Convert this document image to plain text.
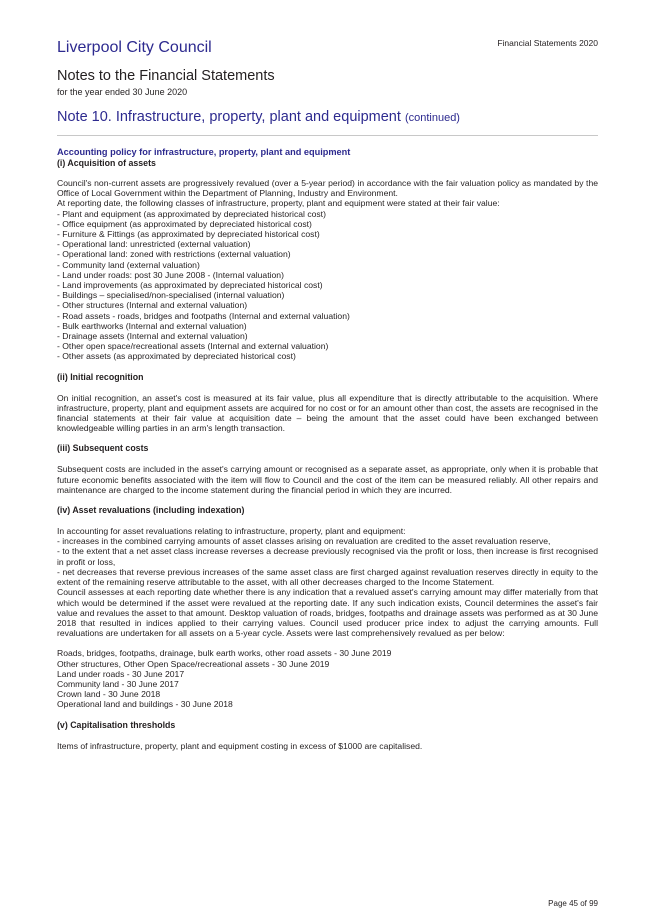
Liverpool City Council	Financial Statements 2020
Notes to the Financial Statements
for the year ended 30 June 2020
Note 10. Infrastructure, property, plant and equipment (continued)

Accounting policy for infrastructure, property, plant and equipment

(i) Acquisition of assets

Council's non-current assets are progressively revalued (over a 5-year period) in accordance with the fair valuation policy as mandated by the Office of Local Government within the Department of Planning, Industry and Environment.

At reporting date, the following classes of infrastructure, property, plant and equipment were stated at their fair value:

- Plant and equipment (as approximated by depreciated historical cost)

- Office equipment (as approximated by depreciated historical cost)

- Furniture & Fittings (as approximated by depreciated historical cost)

- Operational land: unrestricted (external valuation)

- Operational land: zoned with restrictions (external valuation)

- Community land (external valuation)

- Land under roads: post 30 June 2008 - (Internal valuation)

- Land improvements (as approximated by depreciated historical cost)

- Buildings – specialised/non-specialised (internal valuation)

- Other structures (Internal and external valuation)

- Road assets - roads, bridges and footpaths (Internal and external valuation)

- Bulk earthworks (Internal and external valuation)

- Drainage assets (Internal and external valuation)

- Other open space/recreational assets (Internal and external valuation)

- Other assets (as approximated by depreciated historical cost)

(ii) Initial recognition

On initial recognition, an asset's cost is measured at its fair value, plus all expenditure that is directly attributable to the acquisition. Where infrastructure, property, plant and equipment assets are acquired for no cost or for an amount other than cost, the assets are recognised in the financial statements at their fair value at acquisition date – being the amount that the asset could have been exchanged between knowledgeable willing parties in an arm's length transaction.

(iii) Subsequent costs

Subsequent costs are included in the asset's carrying amount or recognised as a separate asset, as appropriate, only when it is probable that future economic benefits associated with the item will flow to Council and the cost of the item can be measured reliably. All other repairs and maintenance are charged to the income statement during the financial period in which they are incurred.

(iv) Asset revaluations (including indexation)

In accounting for asset revaluations relating to infrastructure, property, plant and equipment:

- increases in the combined carrying amounts of asset classes arising on revaluation are credited to the asset revaluation reserve,

- to the extent that a net asset class increase reverses a decrease previously recognised via the profit or loss, then increase is first recognised in profit or loss,

- net decreases that reverse previous increases of the same asset class are first charged against revaluation reserves directly in equity to the extent of the remaining reserve attributable to the asset, with all other decreases charged to the Income Statement.

Council assesses at each reporting date whether there is any indication that a revalued asset's carrying amount may differ materially from that which would be determined if the asset were revalued at the reporting date. If any such indication exists, Council determines the asset's fair value and revalues the asset to that amount. Desktop valuation of roads, bridges, footpaths and drainage assets was performed as at 30 June 2018 that resulted in indices applied to their carrying values. Council used producer price index to adjust the carrying amounts. Full revaluations are undertaken for all assets on a 5-year cycle. Assets were last comprehensively revalued as per below:

Roads, bridges, footpaths, drainage, bulk earth works, other road assets - 30 June 2019

Other structures, Other Open Space/recreational assets - 30 June 2019

Land under roads - 30 June 2017

Community land - 30 June 2017

Crown land - 30 June 2018

Operational land and buildings - 30 June 2018

(v) Capitalisation thresholds

Items of infrastructure, property, plant and equipment costing in excess of $1000 are capitalised.

Page 45 of 99
